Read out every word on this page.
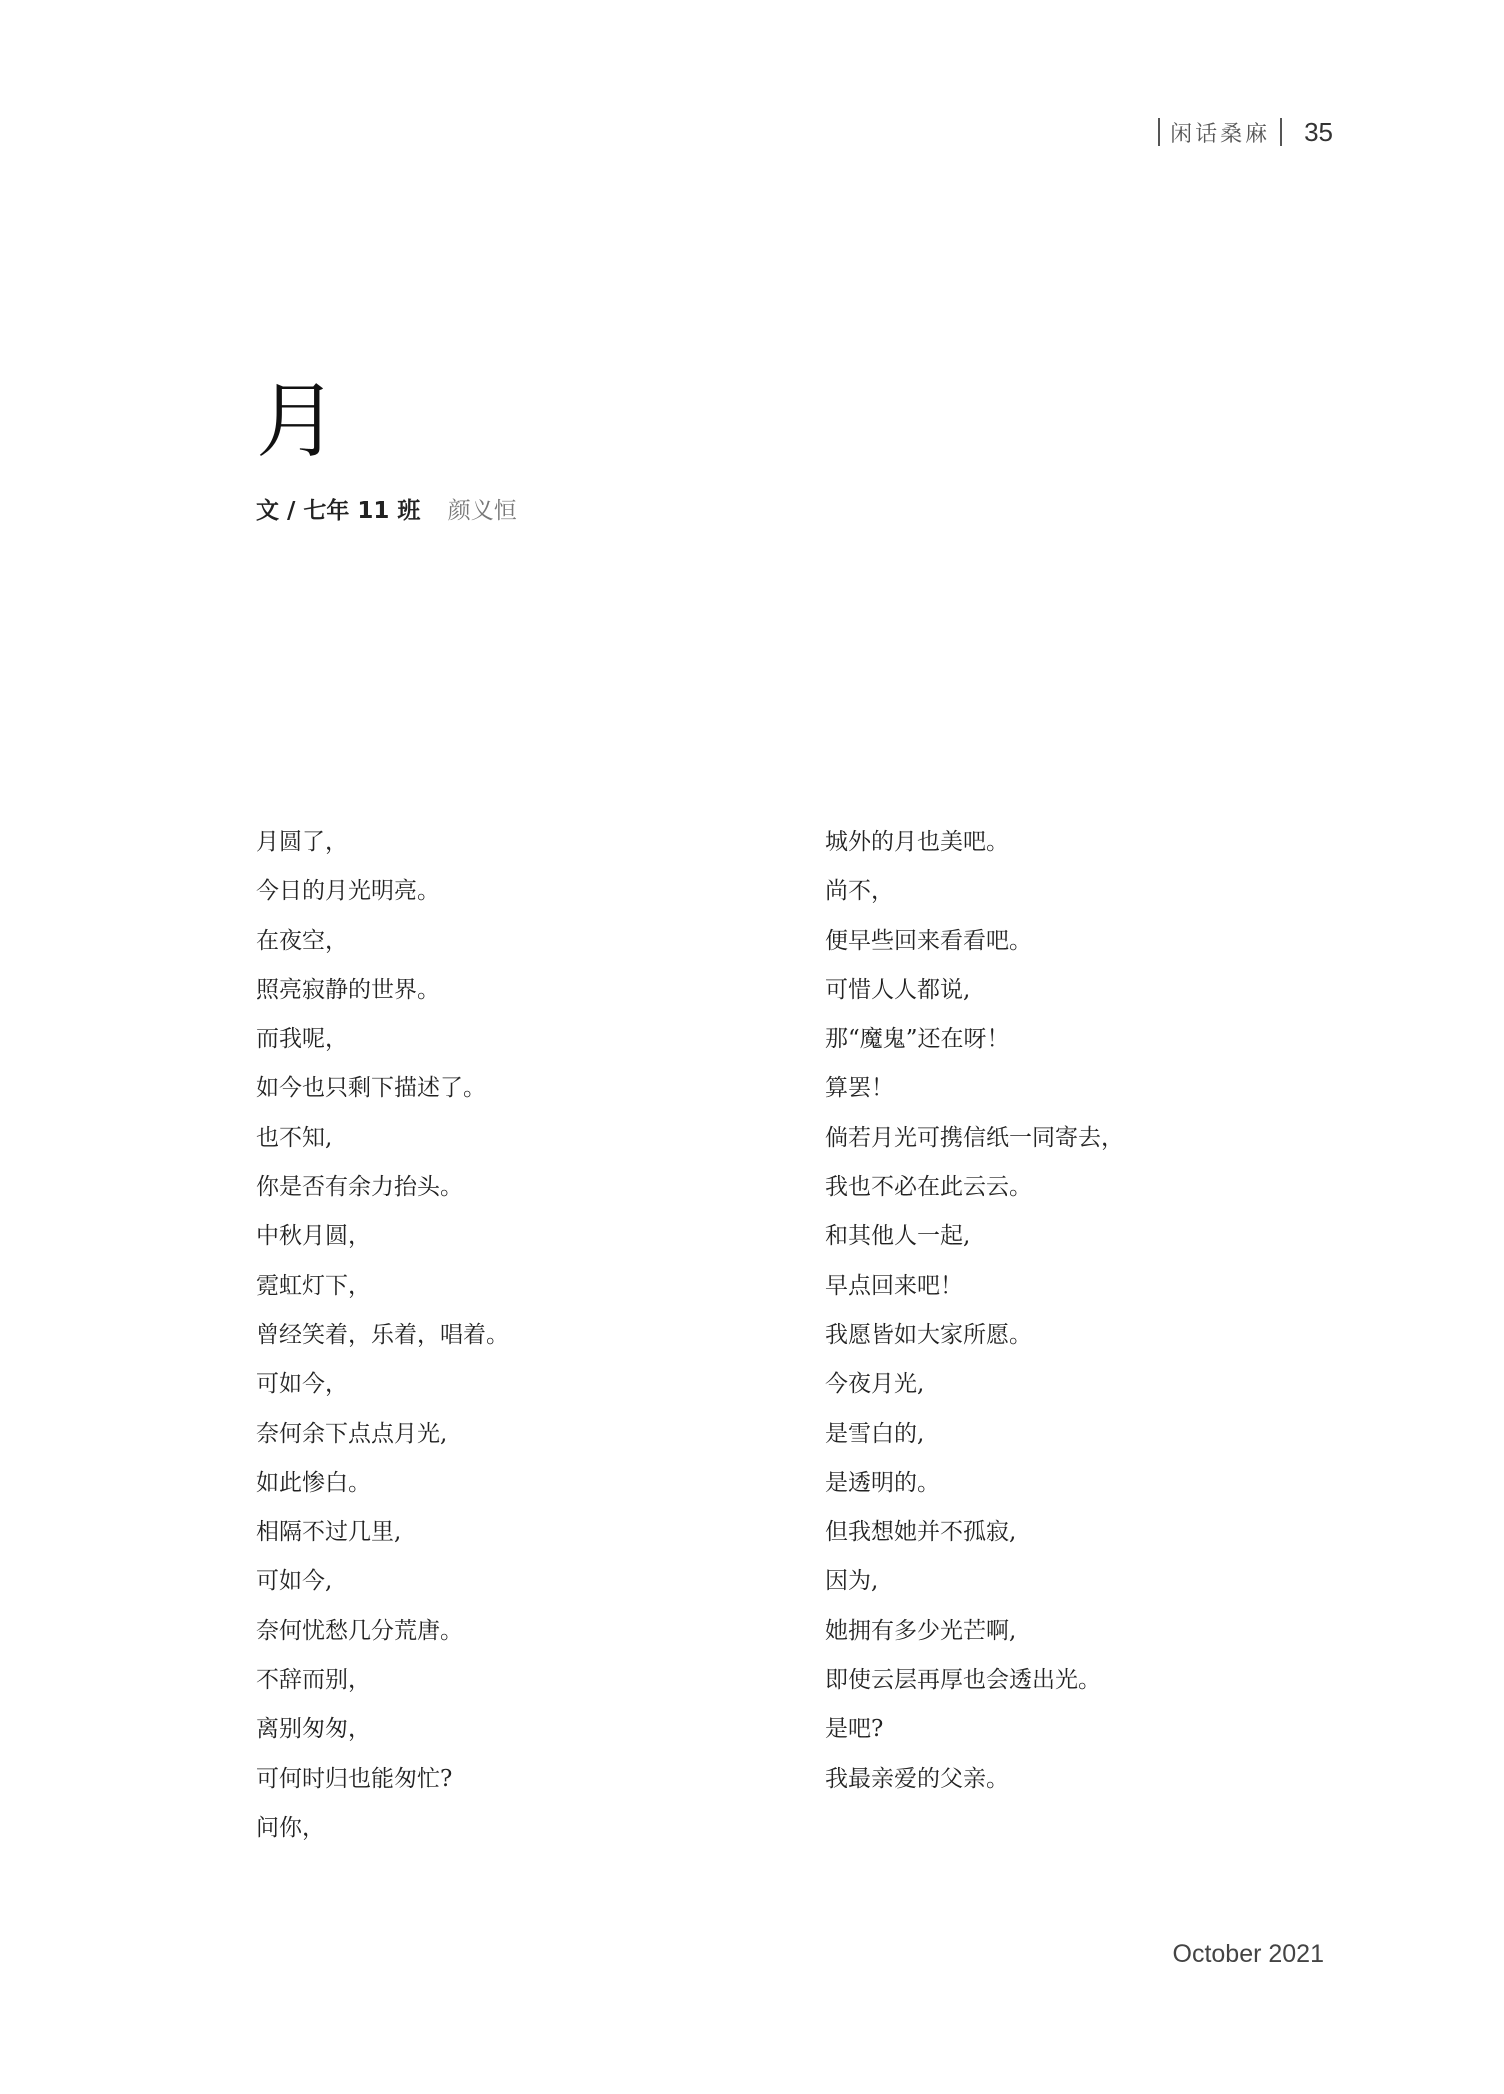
闲话桑麻 35
月
文 / 七年 11 班 颜义恒
月圆了，
今日的月光明亮。
在夜空，
照亮寂静的世界。
而我呢，
如今也只剩下描述了。
也不知,
你是否有余力抬头。
中秋月圆，
霓虹灯下，
曾经笑着，乐着，唱着。
可如今，
奈何余下点点月光,
如此惨白。
相隔不过几里,
可如今,
奈何忧愁几分荒唐。
不辞而别，
离别匆匆，
可何时归也能匆忙?
问你，
城外的月也美吧。
尚不，
便早些回来看看吧。
可惜人人都说,
那“魔鬼”还在呀！
算罢！
倘若月光可携信纸一同寄去，
我也不必在此云云。
和其他人一起,
早点回来吧！
我愿皆如大家所愿。
今夜月光,
是雪白的,
是透明的。
但我想她并不孤寂,
因为,
她拥有多少光芒啊,
即使云层再厚也会透出光。
是吧?
我最亲爱的父亲。
October 2021
